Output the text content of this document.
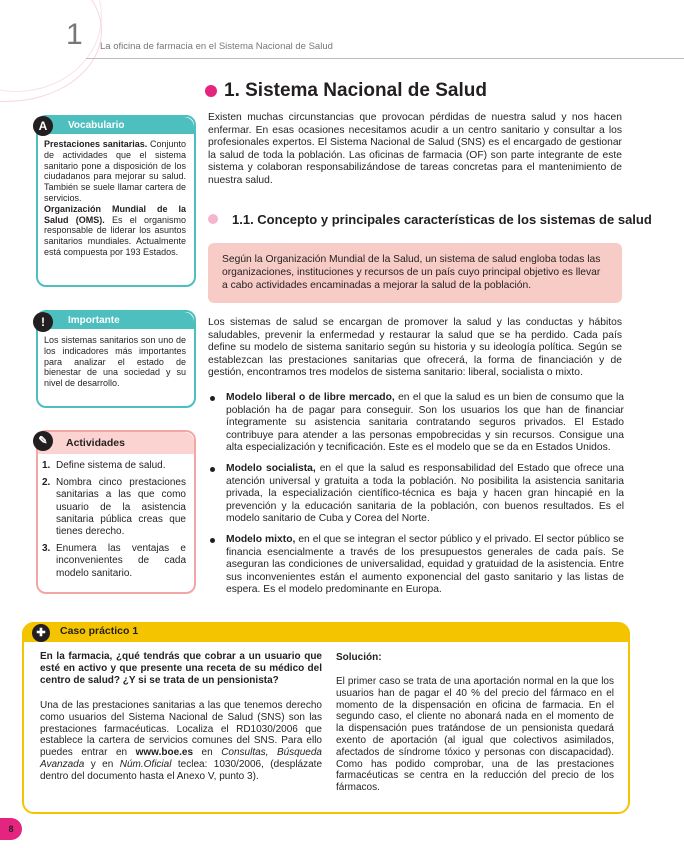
1 La oficina de farmacia en el Sistema Nacional de Salud
1. Sistema Nacional de Salud
Existen muchas circunstancias que provocan pérdidas de nuestra salud y nos hacen enfermar. En esas ocasiones necesitamos acudir a un centro sanitario y consultar a los profesionales expertos. El Sistema Nacional de Salud (SNS) es el encargado de gestionar la salud de toda la población. Las oficinas de farmacia (OF) son parte integrante de este sistema y colaboran responsabilizándose de tareas concretas para el mantenimiento de nuestra salud.
1.1. Concepto y principales características de los sistemas de salud

Según la Organización Mundial de la Salud, un sistema de salud engloba todas las organizaciones, instituciones y recursos de un país cuyo principal objetivo es llevar a cabo actividades encaminadas a mejorar la salud de la población.

Los sistemas de salud se encargan de promover la salud y las conductas y hábitos saludables, prevenir la enfermedad y restaurar la salud que se ha perdido. Cada país define su modelo de sistema sanitario según su historia y su ideología política. Según se establezcan las prestaciones sanitarias que ofrecerá, la forma de financiación y de gestión, encontramos tres modelos de sistema sanitario: liberal, socialista o mixto.
Modelo liberal o de libre mercado, en el que la salud es un bien de consumo que la población ha de pagar para conseguir. Son los usuarios los que han de financiar íntegramente su asistencia sanitaria contratando seguros privados. El Estado contribuye para atender a las personas empobrecidas y sin recursos. Consigue una alta especialización y tecnificación. Este es el modelo que se da en Estados Unidos.
Modelo socialista, en el que la salud es responsabilidad del Estado que ofrece una atención universal y gratuita a toda la población. No posibilita la asistencia sanitaria privada, la especialización científico-técnica es baja y hacen gran hincapié en la prevención y la educación sanitaria de la población, con buenos resultados. Es el modelo sanitario de Cuba y Corea del Norte.
Modelo mixto, en el que se integran el sector público y el privado. El sector público se financia esencialmente a través de los presupuestos generales de cada país. Se aseguran las condiciones de universalidad, equidad y gratuidad de la asistencia. Entre sus inconvenientes están el aumento exponencial del gasto sanitario y las listas de espera. Es el modelo predominante en Europa.
Vocabulario
Prestaciones sanitarias. Conjunto de actividades que el sistema sanitario pone a disposición de los ciudadanos para mejorar su salud. También se suele llamar cartera de servicios.
Organización Mundial de la Salud (OMS). Es el organismo responsable de liderar los asuntos sanitarios mundiales. Actualmente está compuesta por 193 Estados.
A
Importante
Los sistemas sanitarios son uno de los indicadores más importantes para analizar el estado de bienestar de una sociedad y su nivel de desarrollo.
!
Actividades
1. Define sistema de salud.
2. Nombra cinco prestaciones sanitarias a las que como usuario de la asistencia sanitaria pública creas que tienes derecho.
3. Enumera las ventajas e inconvenientes de cada modelo sanitario.
✎
✚	Caso práctico 1
En la farmacia, ¿qué tendrás que cobrar a un usuario que esté en activo y que presente una receta de su médico del centro de salud? ¿Y si se trata de un pensionista?
Una de las prestaciones sanitarias a las que tenemos derecho como usuarios del Sistema Nacional de Salud (SNS) son las prestaciones farmacéuticas. Localiza el RD1030/2006 que establece la cartera de servicios comunes del SNS. Para ello puedes entrar en www.boe.es en Consultas, Búsqueda Avanzada y en Núm.Oficial teclea: 1030/2006, (desplázate dentro del documento hasta el Anexo V, punto 3).
Solución:
El primer caso se trata de una aportación normal en la que los usuarios han de pagar el 40 % del precio del fármaco en el momento de la dispensación en oficina de farmacia. En el segundo caso, el cliente no abonará nada en el momento de la dispensación pues tratándose de un pensionista quedará exento de aportación (al igual que colectivos asimilados, afectados de síndrome tóxico y personas con discapacidad). Como has podido comprobar, una de las prestaciones farmacéuticas se centra en la reducción del precio de los fármacos.
8
